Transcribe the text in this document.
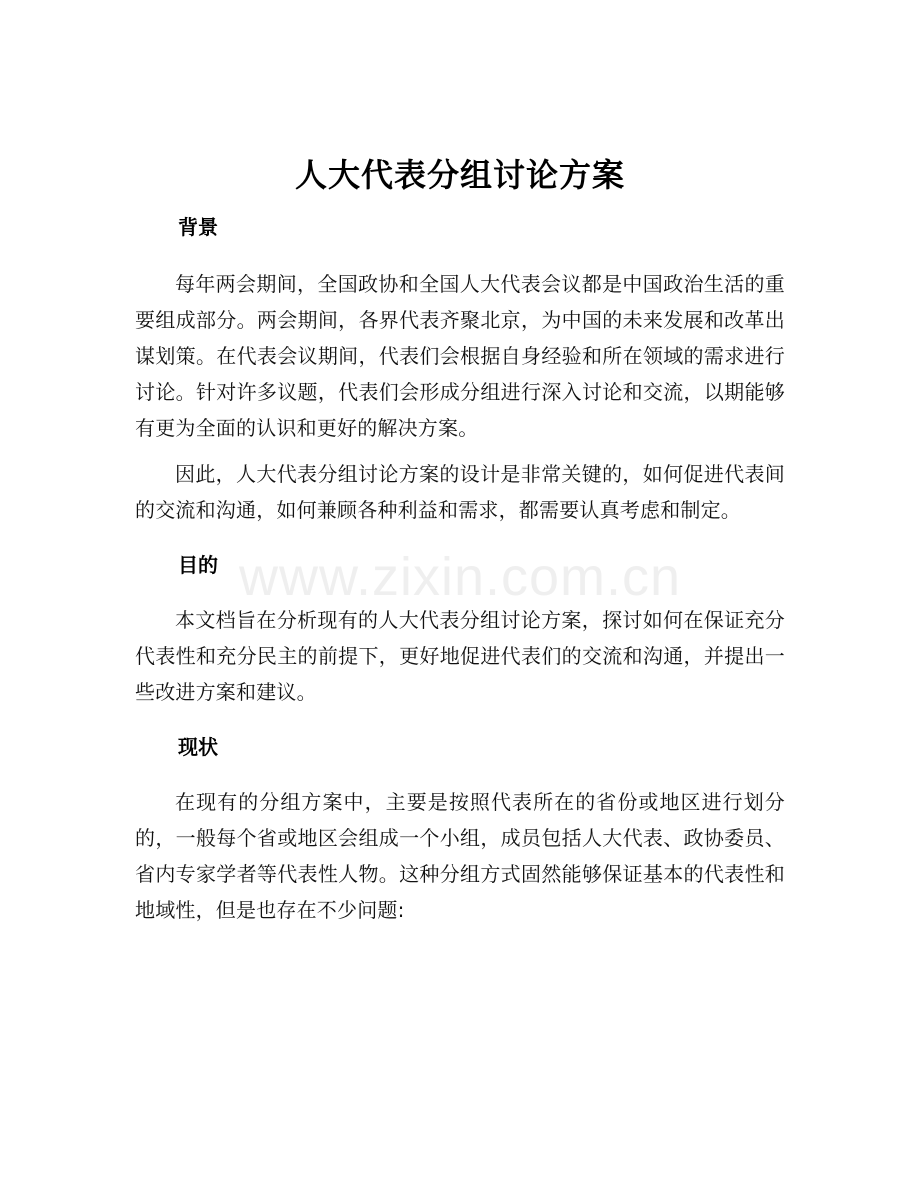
人大代表分组讨论方案
背景

每年两会期间，全国政协和全国人大代表会议都是中国政治生活的重要组成部分。两会期间，各界代表齐聚北京，为中国的未来发展和改革出谋划策。在代表会议期间，代表们会根据自身经验和所在领域的需求进行讨论。针对许多议题，代表们会形成分组进行深入讨论和交流，以期能够有更为全面的认识和更好的解决方案。

因此，人大代表分组讨论方案的设计是非常关键的，如何促进代表间的交流和沟通，如何兼顾各种利益和需求，都需要认真考虑和制定。

目的

本文档旨在分析现有的人大代表分组讨论方案，探讨如何在保证充分代表性和充分民主的前提下，更好地促进代表们的交流和沟通，并提出一些改进方案和建议。

现状

在现有的分组方案中，主要是按照代表所在的省份或地区进行划分的，一般每个省或地区会组成一个小组，成员包括人大代表、政协委员、省内专家学者等代表性人物。这种分组方式固然能够保证基本的代表性和地域性，但是也存在不少问题:

www.zixin.com.cn
